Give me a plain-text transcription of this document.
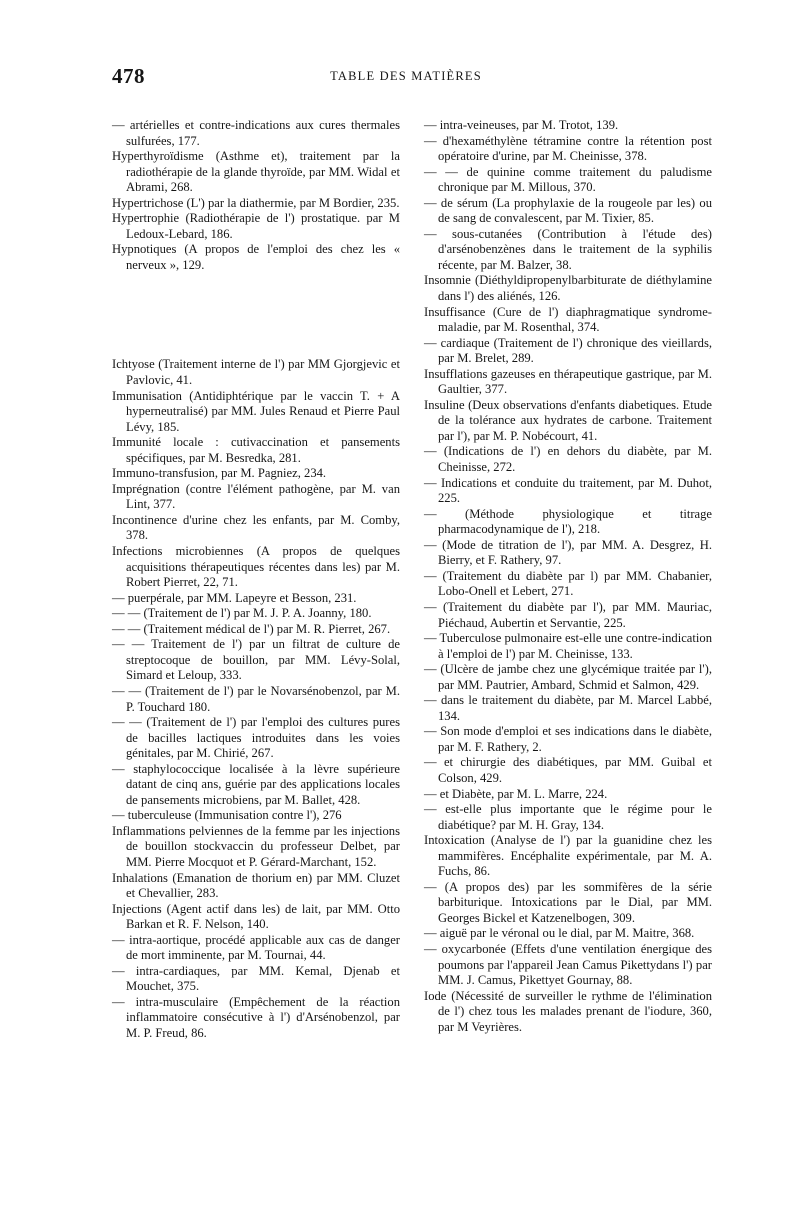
478	TABLE DES MATIÈRES

— artérielles et contre-indications aux cures thermales sulfurées, 177.

Hyperthyroïdisme (Asthme et), traitement par la radiothérapie de la glande thyroïde, par MM. Widal et Abrami, 268.

Hypertrichose (L') par la diathermie, par M Bordier, 235.

Hypertrophie (Radiothérapie de l') prostatique. par M Ledoux-Lebard, 186.

Hypnotiques (A propos de l'emploi des chez les « nerveux », 129.

Ichtyose (Traitement interne de l') par MM Gjorgjevic et Pavlovic, 41.

Immunisation (Antidiphtérique par le vaccin T. + A hyperneutralisé) par MM. Jules Renaud et Pierre Paul Lévy, 185.

Immunité locale : cutivaccination et pansements spécifiques, par M. Besredka, 281.

Immuno-transfusion, par M. Pagniez, 234.

Imprégnation (contre l'élément pathogène, par M. van Lint, 377.

Incontinence d'urine chez les enfants, par M. Comby, 378.

Infections microbiennes (A propos de quelques acquisitions thérapeutiques récentes dans les) par M. Robert Pierret, 22, 71.

— puerpérale, par MM. Lapeyre et Besson, 231.

— — (Traitement de l') par M. J. P. A. Joanny, 180.

— — (Traitement médical de l') par M. R. Pierret, 267.

— — Traitement de l') par un filtrat de culture de streptocoque de bouillon, par MM. Lévy-Solal, Simard et Leloup, 333.

— — (Traitement de l') par le Novarsénobenzol, par M. P. Touchard 180.

— — (Traitement de l') par l'emploi des cultures pures de bacilles lactiques introduites dans les voies génitales, par M. Chirié, 267.

— staphylococcique localisée à la lèvre supérieure datant de cinq ans, guérie par des applications locales de pansements microbiens, par M. Ballet, 428.

— tuberculeuse (Immunisation contre l'), 276

Inflammations pelviennes de la femme par les injections de bouillon stockvaccin du professeur Delbet, par MM. Pierre Mocquot et P. Gérard-Marchant, 152.

Inhalations (Emanation de thorium en) par MM. Cluzet et Chevallier, 283.

Injections (Agent actif dans les) de lait, par MM. Otto Barkan et R. F. Nelson, 140.

— intra-aortique, procédé applicable aux cas de danger de mort imminente, par M. Tournai, 44.

— intra-cardiaques, par MM. Kemal, Djenab et Mouchet, 375.

— intra-musculaire (Empêchement de la réaction inflammatoire consécutive à l') d'Arsénobenzol, par M. P. Freud, 86.

— intra-veineuses, par M. Trotot, 139.

— d'hexaméthylène tétramine contre la rétention post opératoire d'urine, par M. Cheinisse, 378.

— — de quinine comme traitement du paludisme chronique par M. Millous, 370.

— de sérum (La prophylaxie de la rougeole par les) ou de sang de convalescent, par M. Tixier, 85.

— sous-cutanées (Contribution à l'étude des) d'arsénobenzènes dans le traitement de la syphilis récente, par M. Balzer, 38.

Insomnie (Diéthyldipropenylbarbiturate de diéthylamine dans l') des aliénés, 126.

Insuffisance (Cure de l') diaphragmatique syndrome-maladie, par M. Rosenthal, 374.

— cardiaque (Traitement de l') chronique des vieillards, par M. Brelet, 289.

Insufflations gazeuses en thérapeutique gastrique, par M. Gaultier, 377.

Insuline (Deux observations d'enfants diabetiques. Etude de la tolérance aux hydrates de carbone. Traitement par l'), par M. P. Nobécourt, 41.

— (Indications de l') en dehors du diabète, par M. Cheinisse, 272.

— Indications et conduite du traitement, par M. Duhot, 225.

— (Méthode physiologique et titrage pharmacodynamique de l'), 218.

— (Mode de titration de l'), par MM. A. Desgrez, H. Bierry, et F. Rathery, 97.

— (Traitement du diabète par l) par MM. Chabanier, Lobo-Onell et Lebert, 271.

— (Traitement du diabète par l'), par MM. Mauriac, Piéchaud, Aubertin et Servantie, 225.

— Tuberculose pulmonaire est-elle une contre-indication à l'emploi de l') par M. Cheinisse, 133.

— (Ulcère de jambe chez une glycémique traitée par l'), par MM. Pautrier, Ambard, Schmid et Salmon, 429.

— dans le traitement du diabète, par M. Marcel Labbé, 134.

— Son mode d'emploi et ses indications dans le diabète, par M. F. Rathery, 2.

— et chirurgie des diabétiques, par MM. Guibal et Colson, 429.

— et Diabète, par M. L. Marre, 224.

— est-elle plus importante que le régime pour le diabétique? par M. H. Gray, 134.

Intoxication (Analyse de l') par la guanidine chez les mammifères. Encéphalite expérimentale, par M. A. Fuchs, 86.

— (A propos des) par les sommifères de la série barbiturique. Intoxications par le Dial, par MM. Georges Bickel et Katzenelbogen, 309.

— aiguë par le véronal ou le dial, par M. Maitre, 368.

— oxycarbonée (Effets d'une ventilation énergique des poumons par l'appareil Jean Camus Pikettydans l') par MM. J. Camus, Pikettyet Gournay, 88.

Iode (Nécessité de surveiller le rythme de l'élimination de l') chez tous les malades prenant de l'iodure, 360, par M Veyrières.
